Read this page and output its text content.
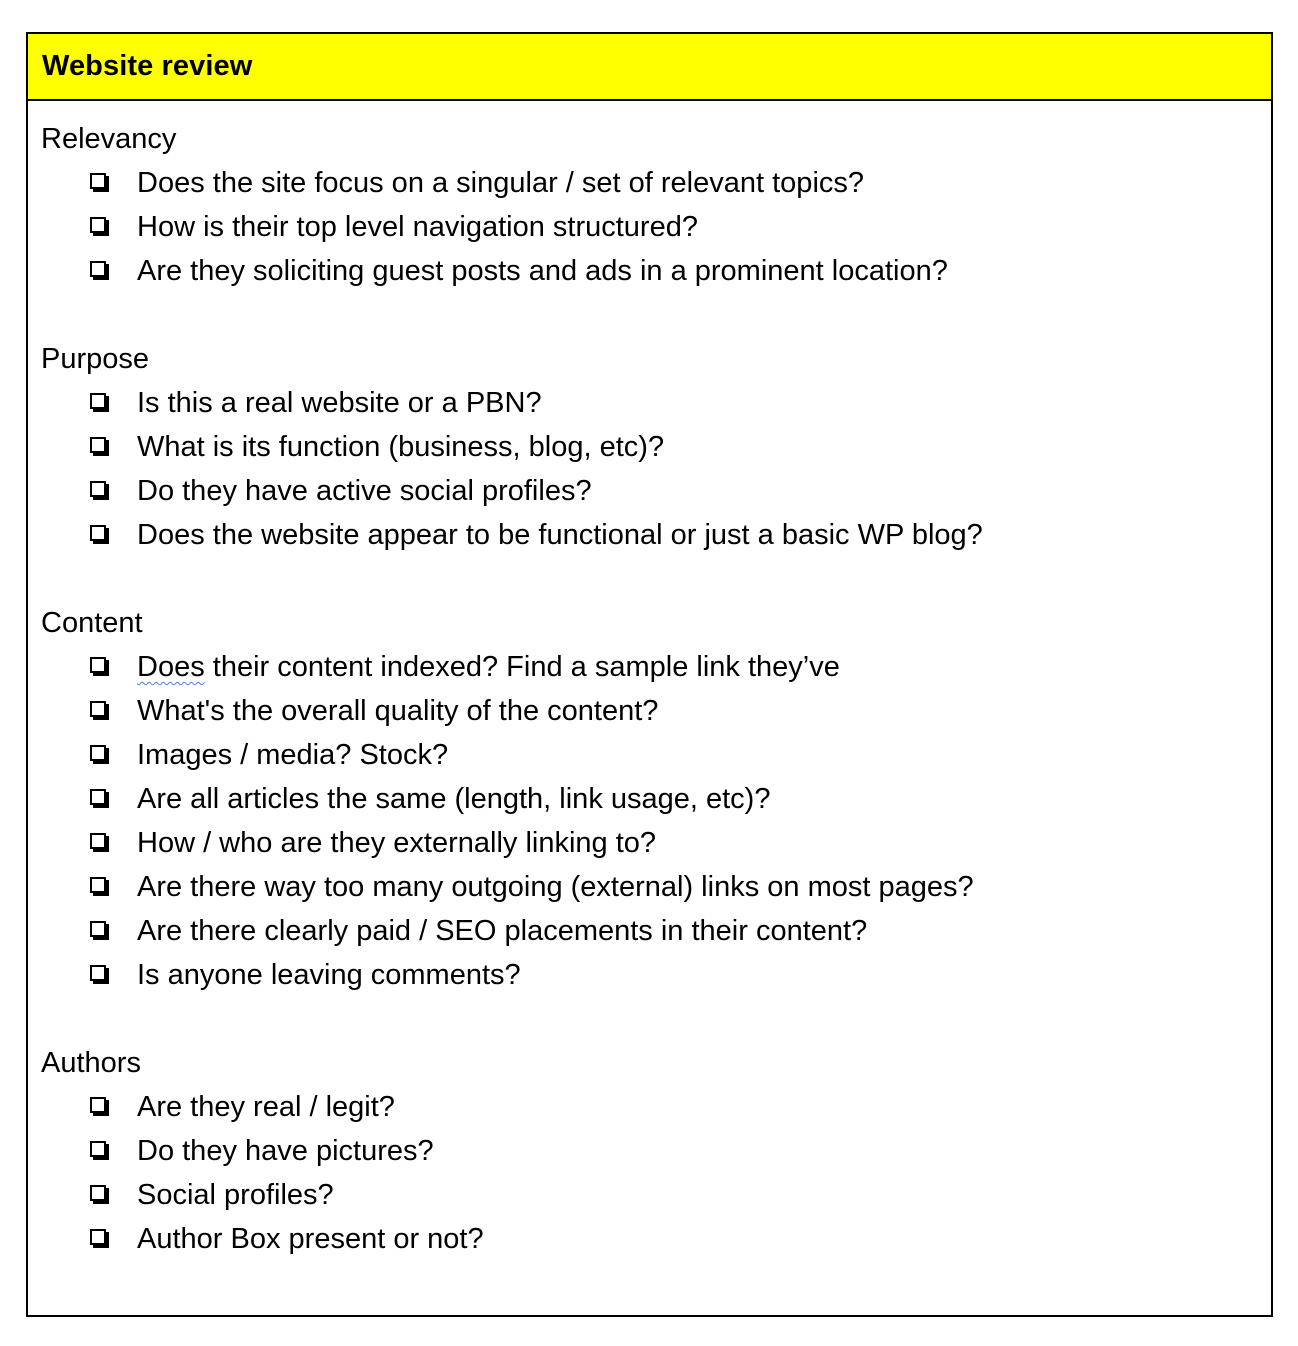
Website review
Relevancy
Does the site focus on a singular / set of relevant topics?
How is their top level navigation structured?
Are they soliciting guest posts and ads in a prominent location?
Purpose
Is this a real website or a PBN?
What is its function (business, blog, etc)?
Do they have active social profiles?
Does the website appear to be functional or just a basic WP blog?
Content
Does their content indexed? Find a sample link they’ve
What's the overall quality of the content?
Images / media? Stock?
Are all articles the same (length, link usage, etc)?
How / who are they externally linking to?
Are there way too many outgoing (external) links on most pages?
Are there clearly paid / SEO placements in their content?
Is anyone leaving comments?
Authors
Are they real / legit?
Do they have pictures?
Social profiles?
Author Box present or not?
